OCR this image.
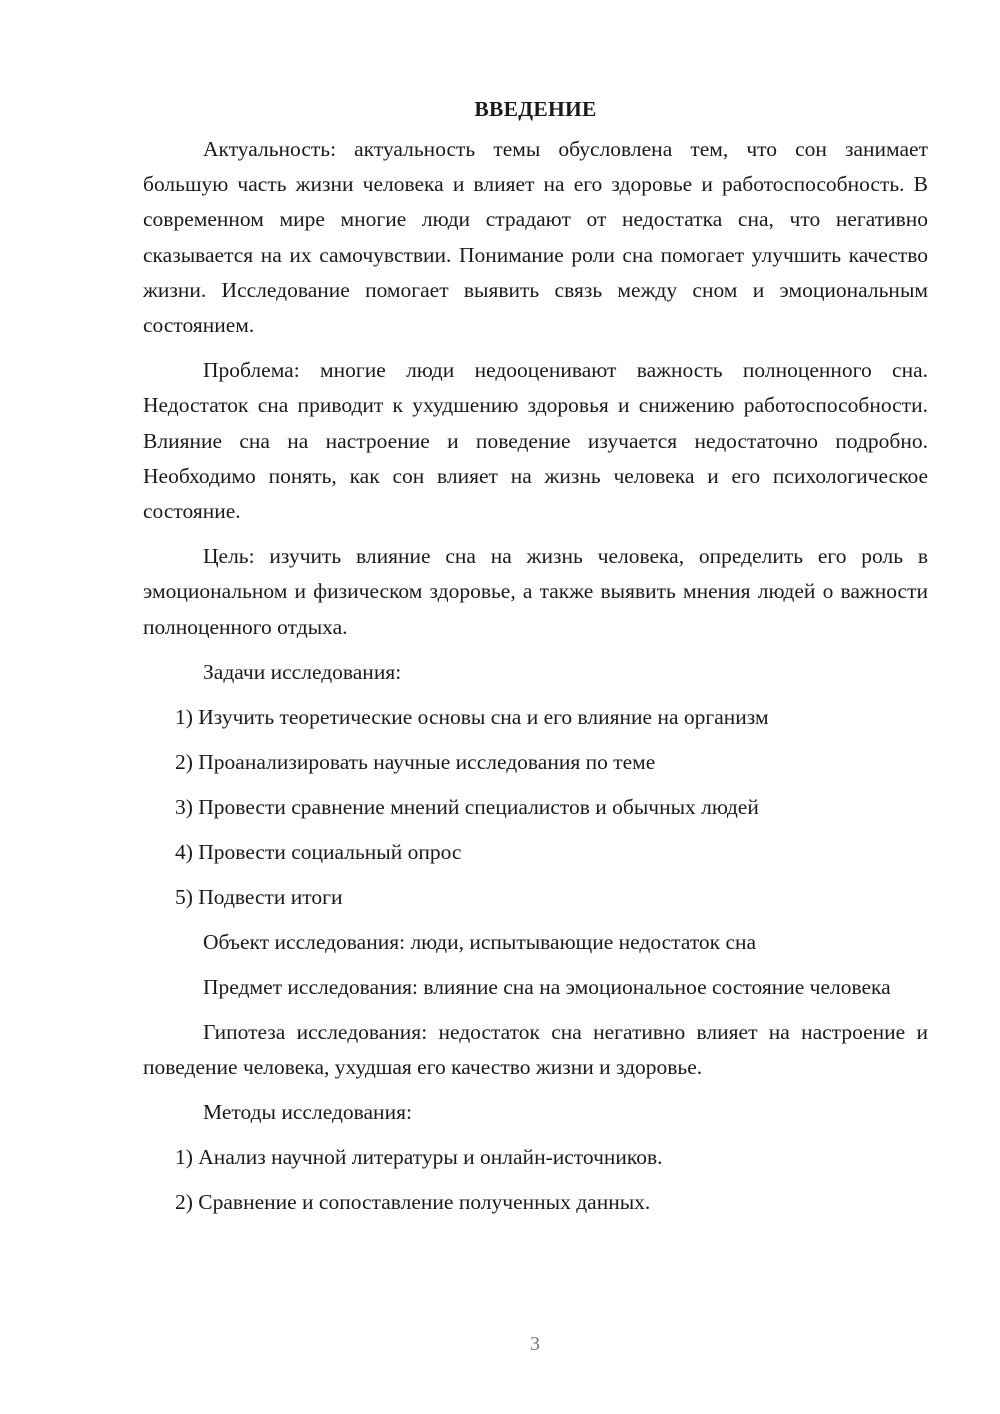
ВВЕДЕНИЕ

Актуальность: актуальность темы обусловлена тем, что сон занимает большую часть жизни человека и влияет на его здоровье и работоспособность. В современном мире многие люди страдают от недостатка сна, что негативно сказывается на их самочувствии. Понимание роли сна помогает улучшить качество жизни. Исследование помогает выявить связь между сном и эмоциональным состоянием.

Проблема: многие люди недооценивают важность полноценного сна. Недостаток сна приводит к ухудшению здоровья и снижению работоспособности. Влияние сна на настроение и поведение изучается недостаточно подробно. Необходимо понять, как сон влияет на жизнь человека и его психологическое состояние.

Цель: изучить влияние сна на жизнь человека, определить его роль в эмоциональном и физическом здоровье, а также выявить мнения людей о важности полноценного отдыха.

Задачи исследования:

1) Изучить теоретические основы сна и его влияние на организм

2) Проанализировать научные исследования по теме

3) Провести сравнение мнений специалистов и обычных людей

4) Провести социальный опрос

5) Подвести итоги

Объект исследования: люди, испытывающие недостаток сна

Предмет исследования: влияние сна на эмоциональное состояние человека

Гипотеза исследования: недостаток сна негативно влияет на настроение и поведение человека, ухудшая его качество жизни и здоровье.

Методы исследования:

1) Анализ научной литературы и онлайн-источников.

2) Сравнение и сопоставление полученных данных.

3
